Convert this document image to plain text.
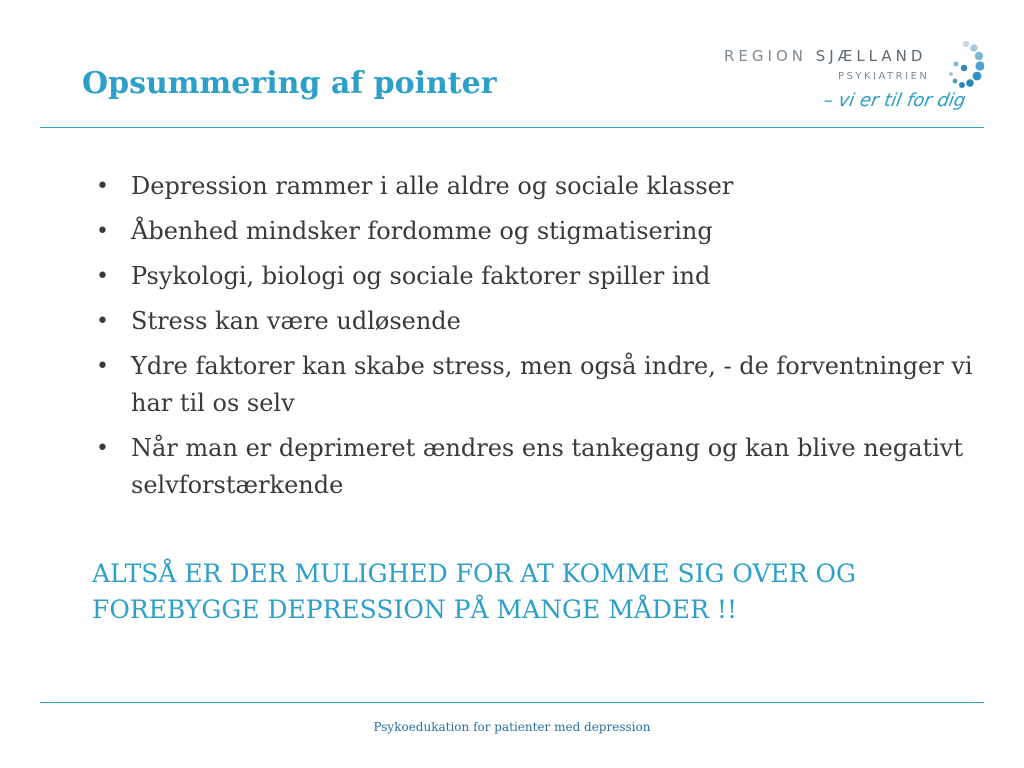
Opsummering af pointer
REGION SJÆLLAND
PSYKIATRIEN
– vi er til for dig
• Depression rammer i alle aldre og sociale klasser
• Åbenhed mindsker fordomme og stigmatisering
• Psykologi, biologi og sociale faktorer spiller ind
• Stress kan være udløsende
• Ydre faktorer kan skabe stress, men også indre, - de forventninger vi har til os selv
• Når man er deprimeret ændres ens tankegang og kan blive negativt selvforstærkende

ALTSÅ ER DER MULIGHED FOR AT KOMME SIG OVER OG FOREBYGGE DEPRESSION PÅ MANGE MÅDER !!

Psykoedukation for patienter med depression
